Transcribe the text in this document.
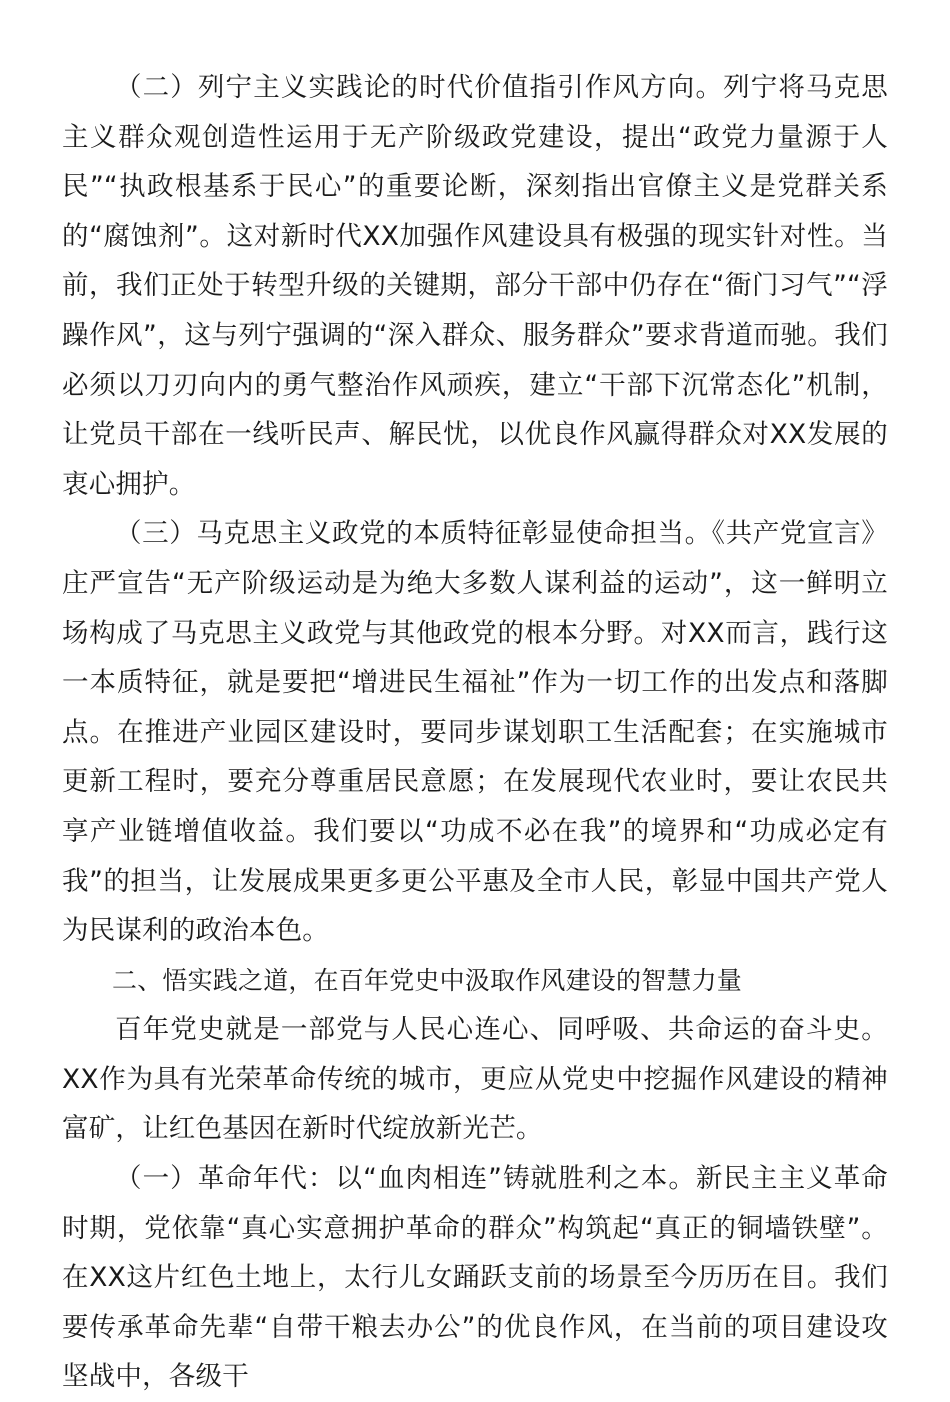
（二）列宁主义实践论的时代价值指引作风方向。列宁将马克思主义群众观创造性运用于无产阶级政党建设，提出“政党力量源于人民”“执政根基系于民心”的重要论断，深刻指出官僚主义是党群关系的“腐蚀剂”。这对新时代XX加强作风建设具有极强的现实针对性。当前，我们正处于转型升级的关键期，部分干部中仍存在“衙门习气”“浮躁作风”，这与列宁强调的“深入群众、服务群众”要求背道而驰。我们必须以刀刃向内的勇气整治作风顽疾，建立“干部下沉常态化”机制，让党员干部在一线听民声、解民忧，以优良作风赢得群众对XX发展的衷心拥护。

（三）马克思主义政党的本质特征彰显使命担当。《共产党宣言》庄严宣告“无产阶级运动是为绝大多数人谋利益的运动”，这一鲜明立场构成了马克思主义政党与其他政党的根本分野。对XX而言，践行这一本质特征，就是要把“增进民生福祉”作为一切工作的出发点和落脚点。在推进产业园区建设时，要同步谋划职工生活配套；在实施城市更新工程时，要充分尊重居民意愿；在发展现代农业时，要让农民共享产业链增值收益。我们要以“功成不必在我”的境界和“功成必定有我”的担当，让发展成果更多更公平惠及全市人民，彰显中国共产党人为民谋利的政治本色。

二、悟实践之道，在百年党史中汲取作风建设的智慧力量

百年党史就是一部党与人民心连心、同呼吸、共命运的奋斗史。XX作为具有光荣革命传统的城市，更应从党史中挖掘作风建设的精神富矿，让红色基因在新时代绽放新光芒。

（一）革命年代：以“血肉相连”铸就胜利之本。新民主主义革命时期，党依靠“真心实意拥护革命的群众”构筑起“真正的铜墙铁壁”。在XX这片红色土地上，太行儿女踊跃支前的场景至今历历在目。我们要传承革命先辈“自带干粮去办公”的优良作风，在当前的项目建设攻坚战中，各级干
